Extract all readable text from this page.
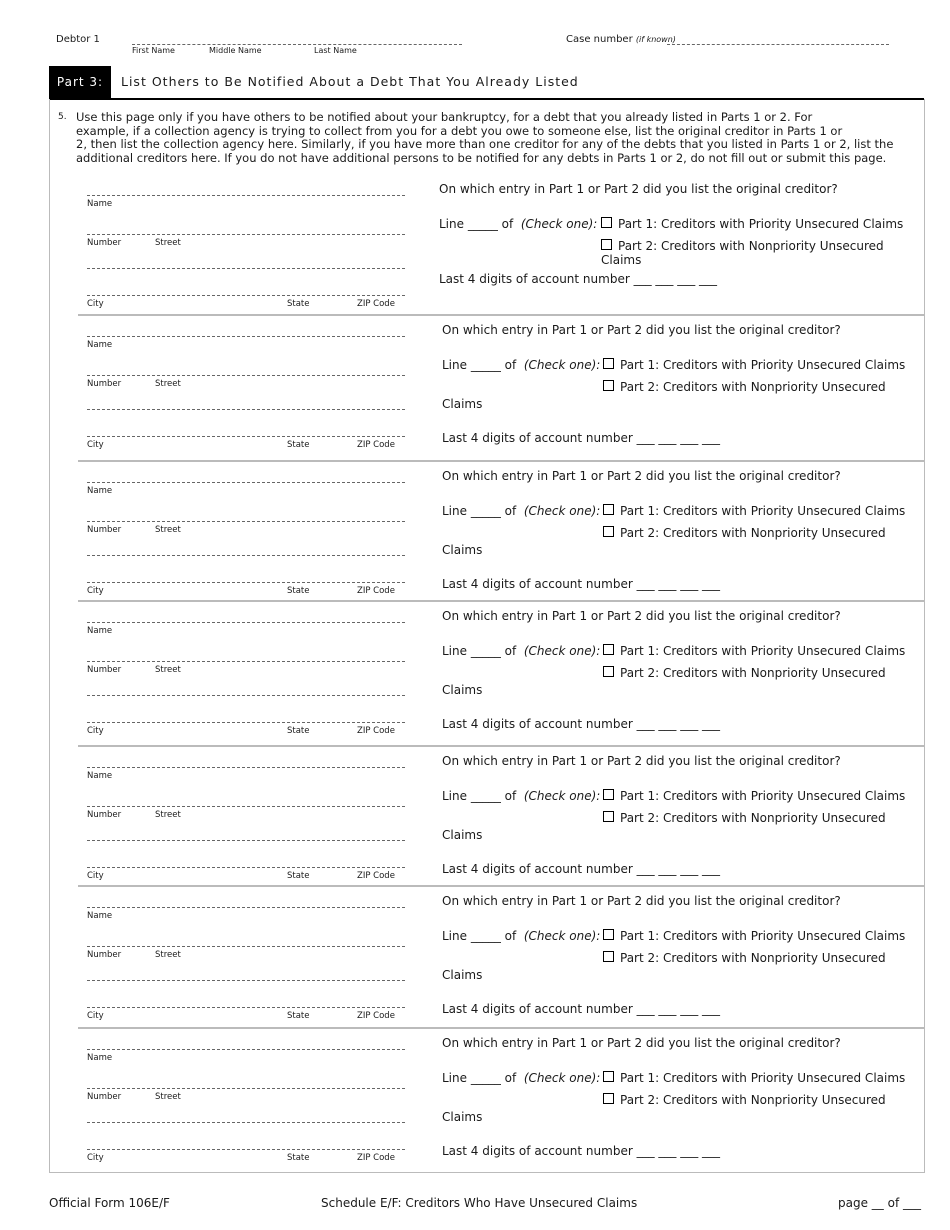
Debtor 1
First Name	Middle Name	Last Name
Case number (if known)
Part 3:	List Others to Be Notified About a Debt That You Already Listed
5. Use this page only if you have others to be notified about your bankruptcy, for a debt that you already listed in Parts 1 or 2. For
example, if a collection agency is trying to collect from you for a debt you owe to someone else, list the original creditor in Parts 1 or
2, then list the collection agency here. Similarly, if you have more than one creditor for any of the debts that you listed in Parts 1 or 2, list the
additional creditors here. If you do not have additional persons to be notified for any debts in Parts 1 or 2, do not fill out or submit this page.
Name
Number	Street
City	State	ZIP Code
On which entry in Part 1 or Part 2 did you list the original creditor?
Line _____ of (Check one):	Part 1: Creditors with Priority Unsecured Claims
Part 2: Creditors with Nonpriority Unsecured Claims
Last 4 digits of account number ___ ___ ___ ___
Name
Number	Street
City	State	ZIP Code
On which entry in Part 1 or Part 2 did you list the original creditor?
Line _____ of (Check one):	Part 1: Creditors with Priority Unsecured Claims
Part 2: Creditors with Nonpriority Unsecured
Claims
Last 4 digits of account number ___ ___ ___ ___
Name
Number	Street
City	State	ZIP Code
On which entry in Part 1 or Part 2 did you list the original creditor?
Line _____ of (Check one):	Part 1: Creditors with Priority Unsecured Claims
Part 2: Creditors with Nonpriority Unsecured
Claims
Last 4 digits of account number ___ ___ ___ ___
Name
Number	Street
City	State	ZIP Code
On which entry in Part 1 or Part 2 did you list the original creditor?
Line _____ of (Check one):	Part 1: Creditors with Priority Unsecured Claims
Part 2: Creditors with Nonpriority Unsecured
Claims
Last 4 digits of account number ___ ___ ___ ___
Name
Number	Street
City	State	ZIP Code
On which entry in Part 1 or Part 2 did you list the original creditor?
Line _____ of (Check one):	Part 1: Creditors with Priority Unsecured Claims
Part 2: Creditors with Nonpriority Unsecured
Claims
Last 4 digits of account number ___ ___ ___ ___
Name
Number	Street
City	State	ZIP Code
On which entry in Part 1 or Part 2 did you list the original creditor?
Line _____ of (Check one):	Part 1: Creditors with Priority Unsecured Claims
Part 2: Creditors with Nonpriority Unsecured
Claims
Last 4 digits of account number ___ ___ ___ ___
Name
Number	Street
City	State	ZIP Code
On which entry in Part 1 or Part 2 did you list the original creditor?
Line _____ of (Check one):	Part 1: Creditors with Priority Unsecured Claims
Part 2: Creditors with Nonpriority Unsecured
Claims
Last 4 digits of account number ___ ___ ___ ___
Official Form 106E/F	Schedule E/F: Creditors Who Have Unsecured Claims	page __ of ___
